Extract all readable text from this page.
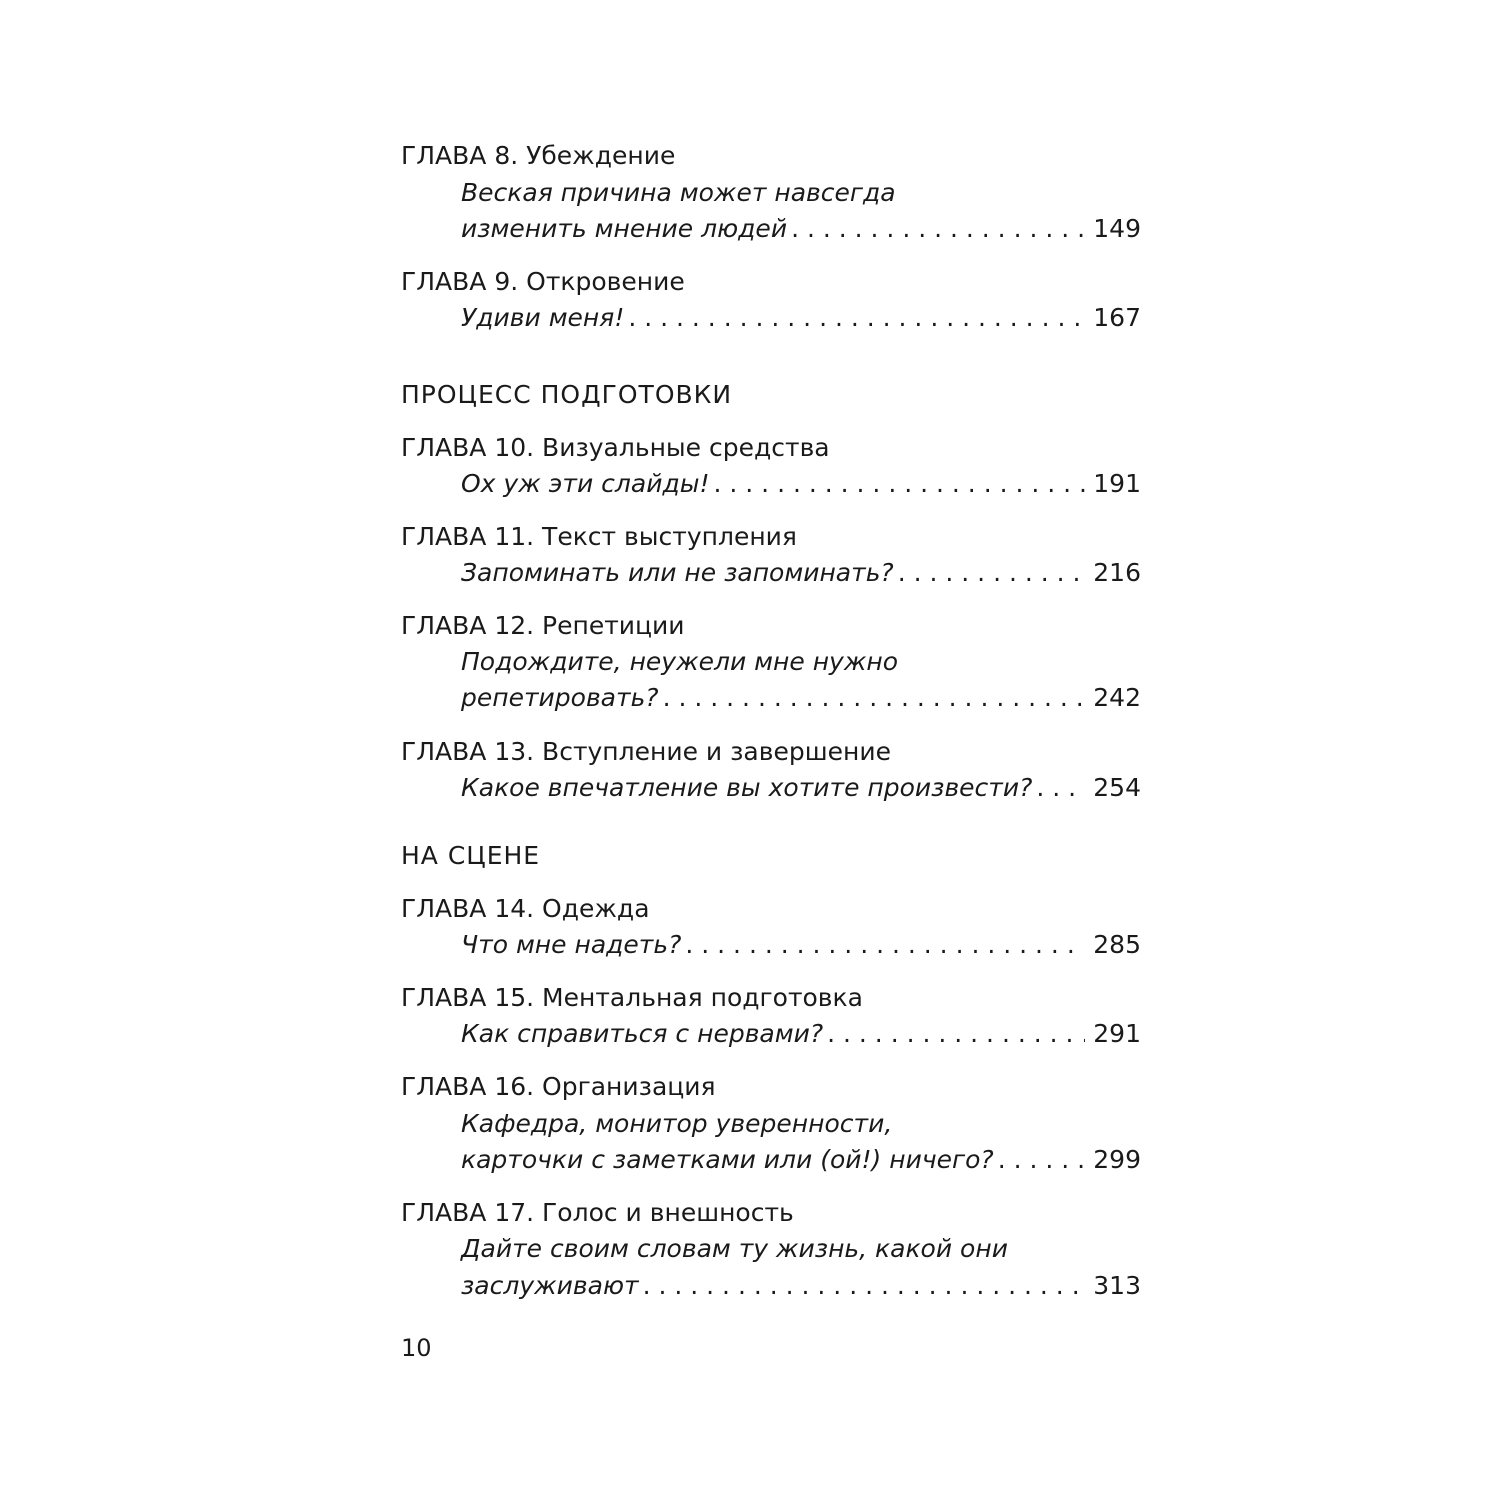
ГЛАВА 8. Убеждение
Веская причина может навсегда
изменить мнение людей . . .	149
ГЛАВА 9. Откровение
Удиви меня! . . .	167
ПРОЦЕСС ПОДГОТОВКИ
ГЛАВА 10. Визуальные средства
Ох уж эти слайды! . . .	191
ГЛАВА 11. Текст выступления
Запоминать или не запоминать? . . .	216
ГЛАВА 12. Репетиции
Подождите, неужели мне нужно
репетировать? . . .	242
ГЛАВА 13. Вступление и завершение
Какое впечатление вы хотите произвести? . . .	254
НА СЦЕНЕ
ГЛАВА 14. Одежда
Что мне надеть? . . .	285
ГЛАВА 15. Ментальная подготовка
Как справиться с нервами? . . .	291
ГЛАВА 16. Организация
Кафедра, монитор уверенности,
карточки с заметками или (ой!) ничего? . . .	299
ГЛАВА 17. Голос и внешность
Дайте своим словам ту жизнь, какой они
заслуживают . . .	313
10
